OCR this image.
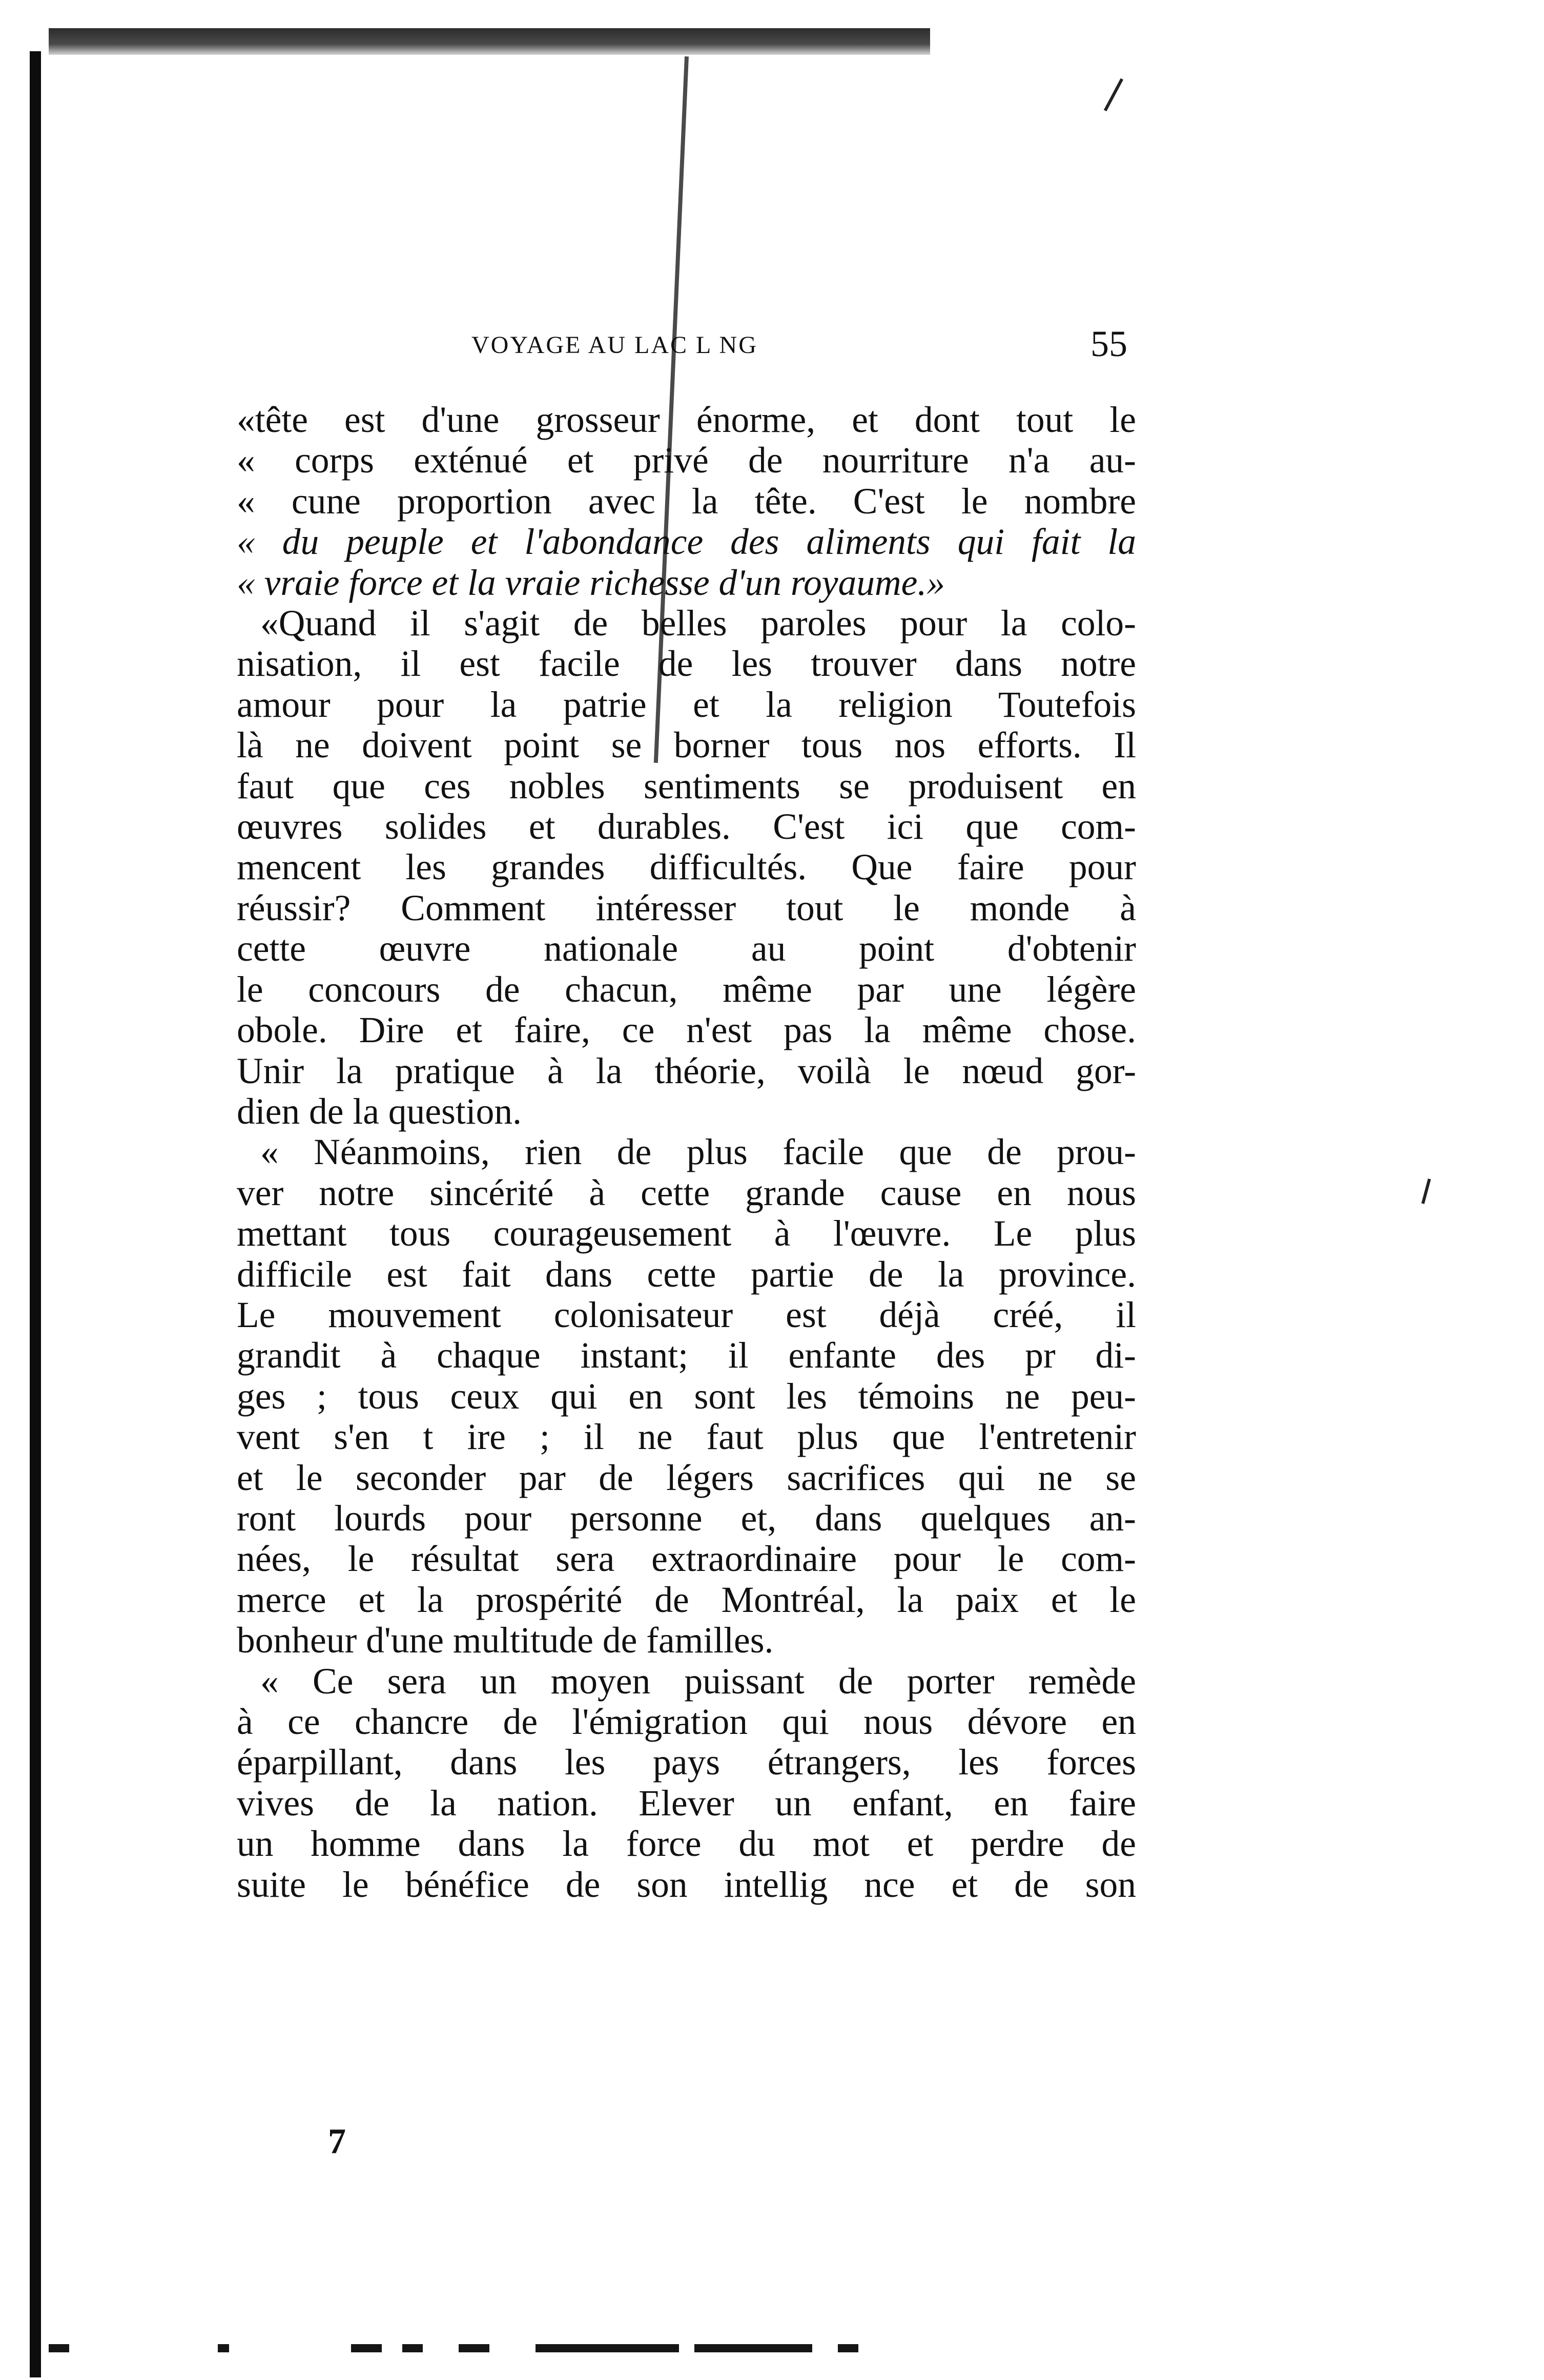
VOYAGE AU LAC L NG	55
«tête est d'une grosseur énorme, et dont tout le
« corps exténué et privé de nourriture n'a au-
« cune proportion avec la tête. C'est le nombre
« du peuple et l'abondance des aliments qui fait la
« vraie force et la vraie richesse d'un royaume.»
«Quand il s'agit de belles paroles pour la colo-
nisation, il est facile de les trouver dans notre
amour pour la patrie et la religion Toutefois
là ne doivent point se borner tous nos efforts. Il
faut que ces nobles sentiments se produisent en
œuvres solides et durables. C'est ici que com-
mencent les grandes difficultés. Que faire pour
réussir? Comment intéresser tout le monde à
cette œuvre nationale au point d'obtenir
le concours de chacun, même par une légère
obole. Dire et faire, ce n'est pas la même chose.
Unir la pratique à la théorie, voilà le nœud gor-
dien de la question.
« Néanmoins, rien de plus facile que de prou-
ver notre sincérité à cette grande cause en nous
mettant tous courageusement à l'œuvre. Le plus
difficile est fait dans cette partie de la province.
Le mouvement colonisateur est déjà créé, il
grandit à chaque instant; il enfante des pr di-
ges ; tous ceux qui en sont les témoins ne peu-
vent s'en t ire ; il ne faut plus que l'entretenir
et le seconder par de légers sacrifices qui ne se
ront lourds pour personne et, dans quelques an-
nées, le résultat sera extraordinaire pour le com-
merce et la prospérité de Montréal, la paix et le
bonheur d'une multitude de familles.
« Ce sera un moyen puissant de porter remède
à ce chancre de l'émigration qui nous dévore en
éparpillant, dans les pays étrangers, les forces
vives de la nation. Elever un enfant, en faire
un homme dans la force du mot et perdre de
suite le bénéfice de son intellig nce et de son
7
